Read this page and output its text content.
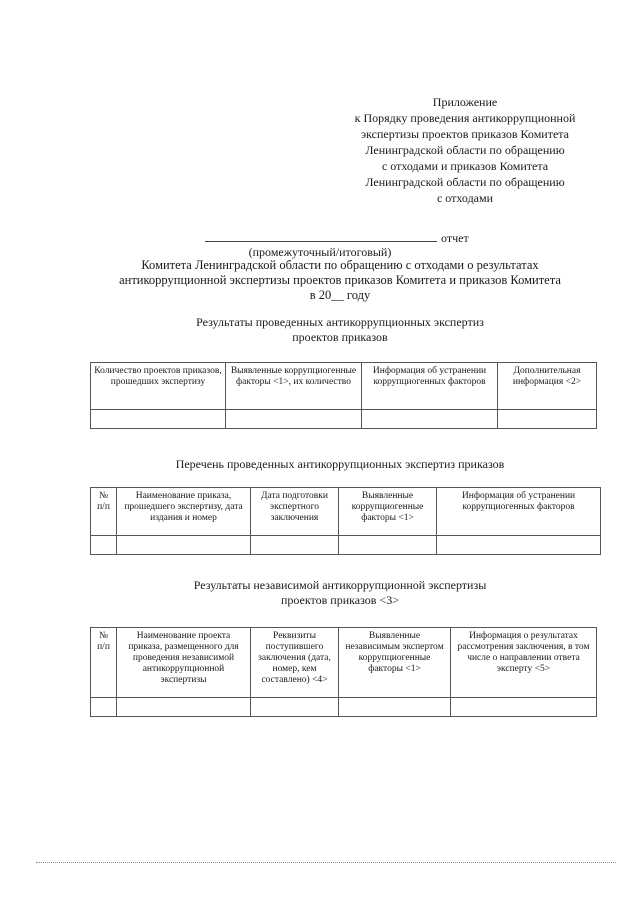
Приложение
к Порядку проведения антикоррупционной
экспертизы проектов приказов Комитета
Ленинградской области по обращению
с отходами и приказов Комитета
Ленинградской области по обращению
с отходами
отчет
(промежуточный/итоговый)
Комитета Ленинградской области по обращению с отходами о результатах
антикоррупционной экспертизы проектов приказов Комитета и приказов Комитета
в 20__ году
Результаты проведенных антикоррупционных экспертиз
проектов приказов
Количество проектов приказов, прошедших экспертизу	Выявленные коррупциогенные факторы <1>, их количество	Информация об устранении коррупциогенных факторов	Дополнительная информация <2>

Перечень проведенных антикоррупционных экспертиз приказов
№ п/п	Наименование приказа, прошедшего экспертизу, дата издания и номер	Дата подготовки экспертного заключения	Выявленные коррупциогенные факторы <1>	Информация об устранении коррупциогенных факторов

Результаты независимой антикоррупционной экспертизы
проектов приказов <3>
№ п/п	Наименование проекта приказа, размещенного для проведения независимой антикоррупционной экспертизы	Реквизиты поступившего заключения (дата, номер, кем составлено) <4>	Выявленные независимым экспертом коррупциогенные факторы <1>	Информация о результатах рассмотрения заключения, в том числе о направлении ответа эксперту <5>
